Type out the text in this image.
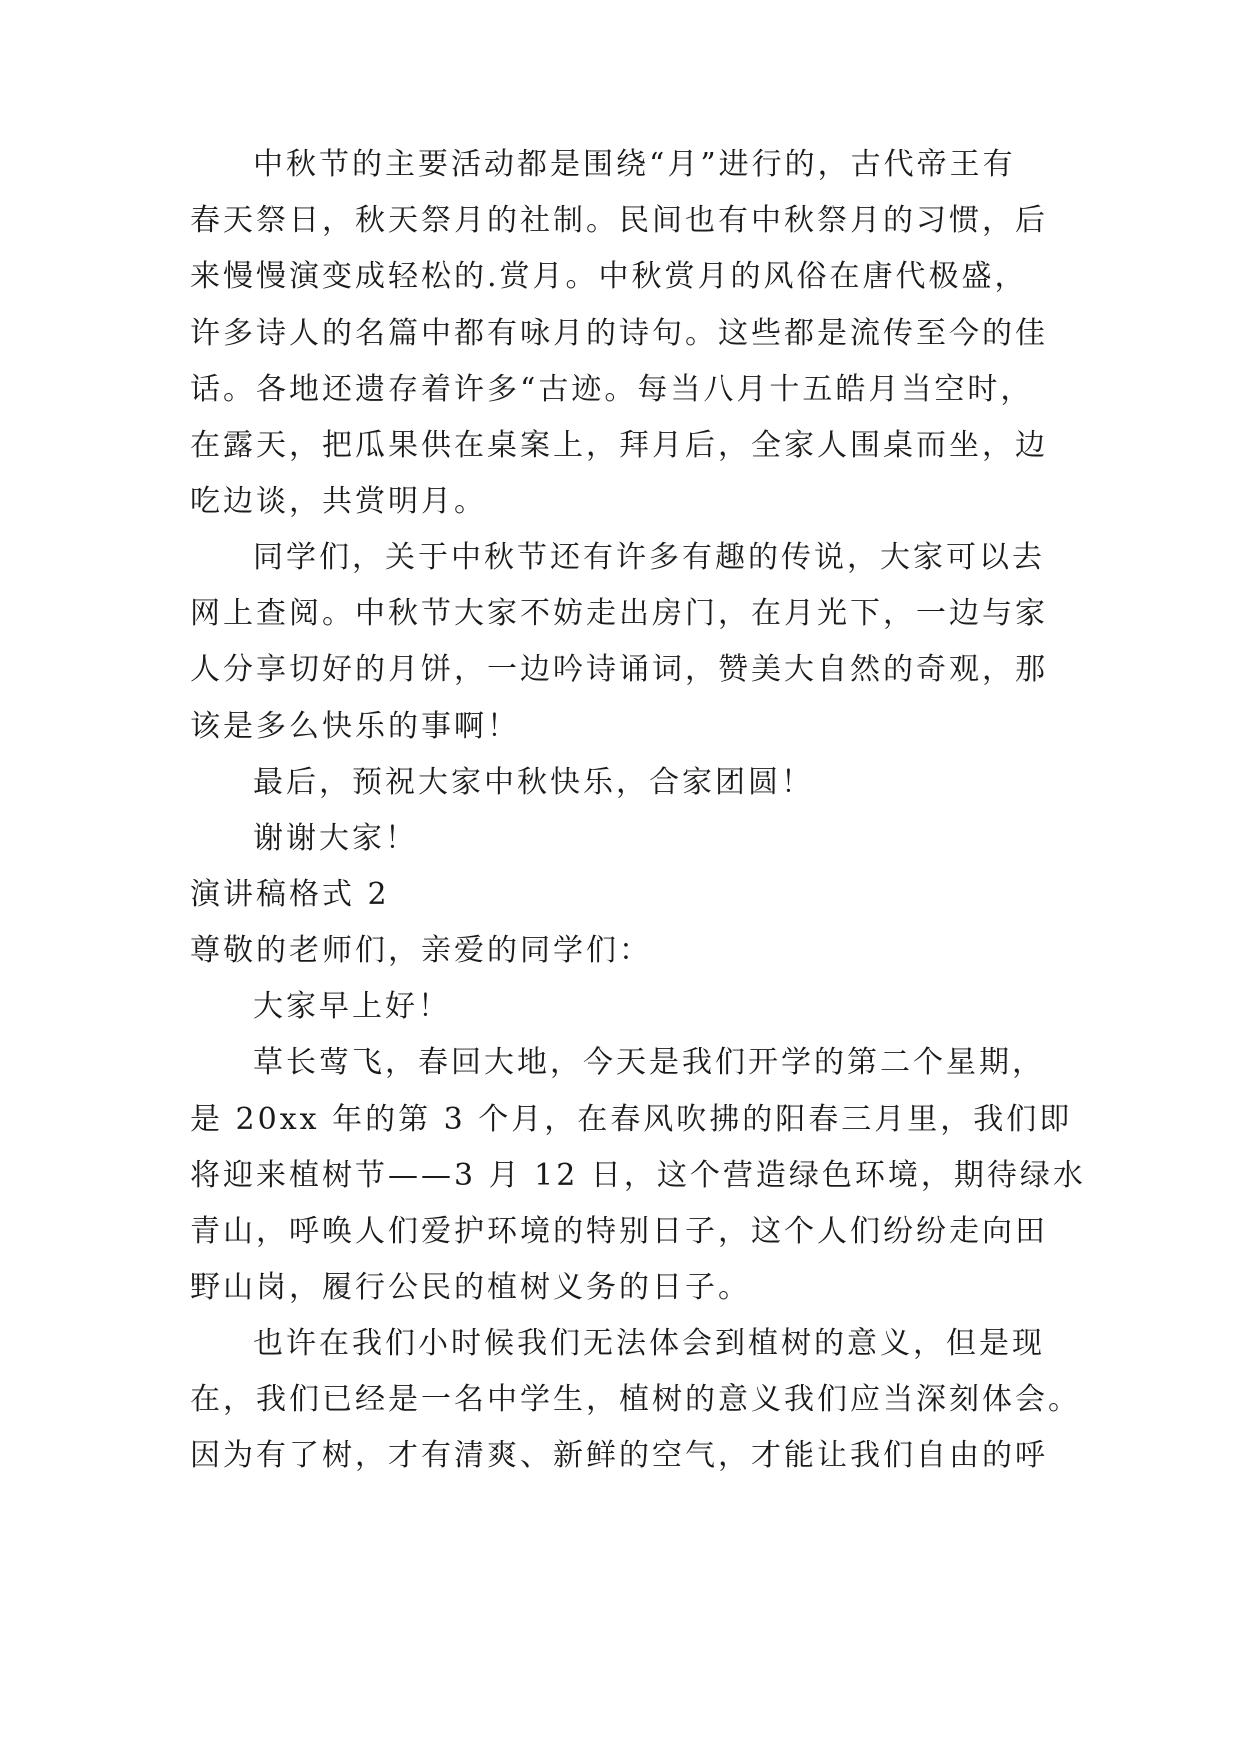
中秋节的主要活动都是围绕“月”进行的，古代帝王有
春天祭日，秋天祭月的社制。民间也有中秋祭月的习惯，后
来慢慢演变成轻松的.赏月。中秋赏月的风俗在唐代极盛，
许多诗人的名篇中都有咏月的诗句。这些都是流传至今的佳
话。各地还遗存着许多“古迹。每当八月十五皓月当空时，
在露天，把瓜果供在桌案上，拜月后，全家人围桌而坐，边
吃边谈，共赏明月。
同学们，关于中秋节还有许多有趣的传说，大家可以去
网上查阅。中秋节大家不妨走出房门，在月光下，一边与家
人分享切好的月饼，一边吟诗诵词，赞美大自然的奇观，那
该是多么快乐的事啊！
最后，预祝大家中秋快乐，合家团圆！
谢谢大家！
演讲稿格式 2
尊敬的老师们，亲爱的同学们：
大家早上好！
草长莺飞，春回大地，今天是我们开学的第二个星期，
是 20xx 年的第 3 个月，在春风吹拂的阳春三月里，我们即
将迎来植树节——3 月 12 日，这个营造绿色环境，期待绿水
青山，呼唤人们爱护环境的特别日子，这个人们纷纷走向田
野山岗，履行公民的植树义务的日子。
也许在我们小时候我们无法体会到植树的意义，但是现
在，我们已经是一名中学生，植树的意义我们应当深刻体会。
因为有了树，才有清爽、新鲜的空气，才能让我们自由的呼
